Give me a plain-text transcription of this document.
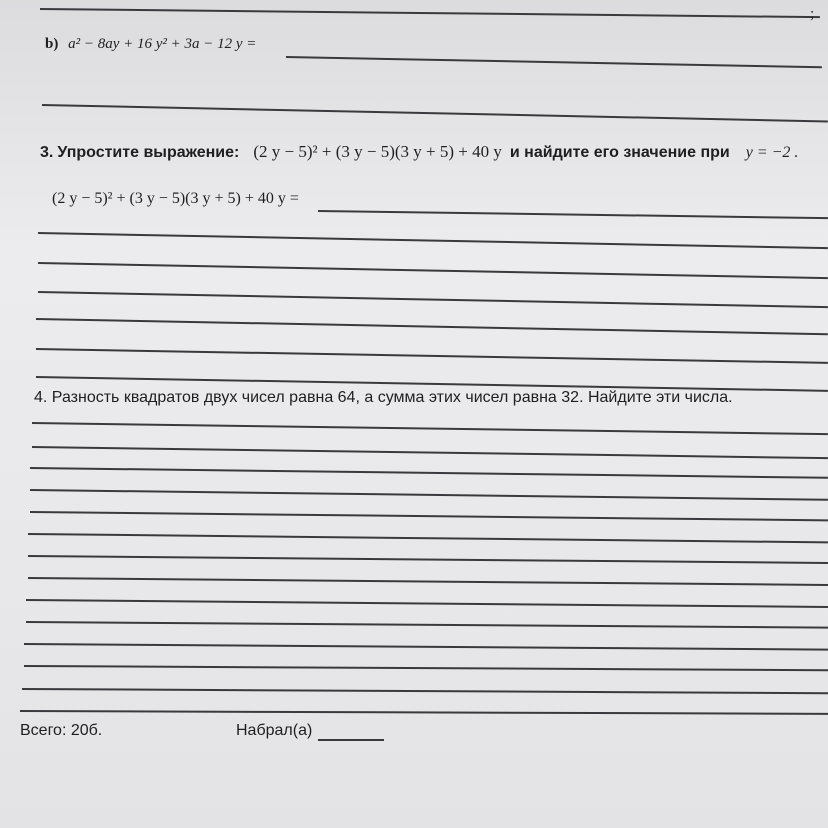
;
b) a² − 8ay + 16 y² + 3a − 12 y =
3. Упростите выражение: (2 y − 5)² + (3 y − 5)(3 y + 5) + 40 y и найдите его значение при y = −2 .
(2 y − 5)² + (3 y − 5)(3 y + 5) + 40 y =
4. Разность квадратов двух чисел равна 64, а сумма этих чисел равна 32. Найдите эти числа.
Всего: 20б.	Набрал(а)
